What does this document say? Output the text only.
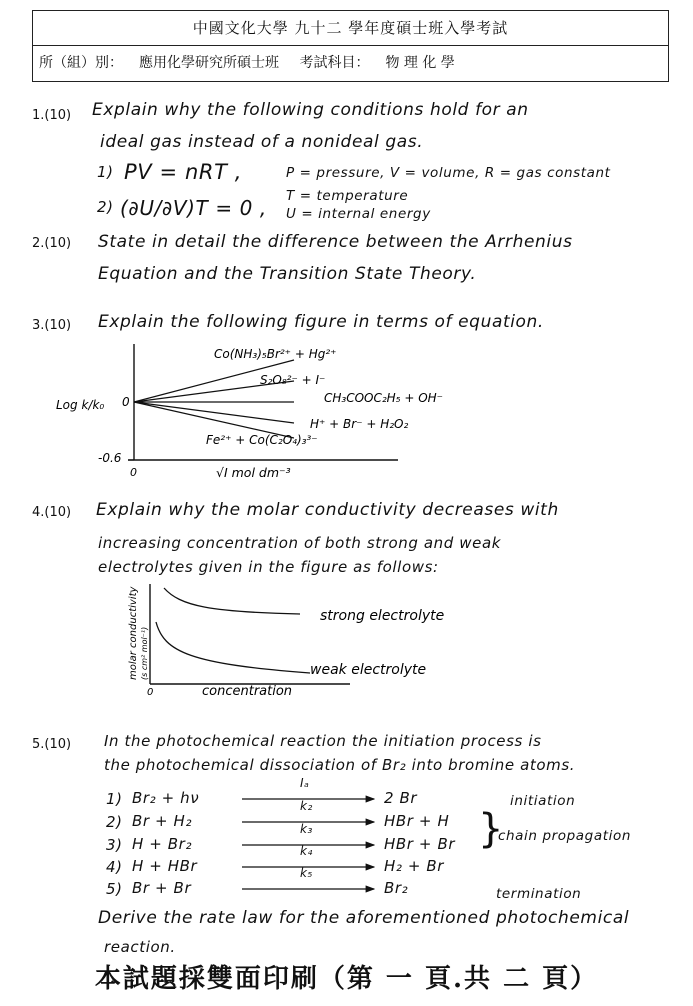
中國文化大學 九十二 學年度碩士班入學考試
所（組）別： 應用化學研究所碩士班 考試科目： 物 理 化 學
1.(10) Explain why the following conditions hold for an
ideal gas instead of a nonideal gas.
1) PV = nRT ,	P = pressure, V = volume, R = gas constant
2) (∂U/∂V)T = 0 , T = temperature
U = internal energy
2.(10) State in detail the difference between the Arrhenius
Equation and the Transition State Theory.
3.(10) Explain the following figure in terms of equation.
Co(NH₃)₅Br²⁺ + Hg²⁺
S₂O₈²⁻ + I⁻
CH₃COOC₂H₅ + OH⁻
H⁺ + Br⁻ + H₂O₂
Fe²⁺ + Co(C₂O₄)₃³⁻
Log k/k₀ 0
-0.6
0	√I mol dm⁻³
4.(10) Explain why the molar conductivity decreases with
increasing concentration of both strong and weak
electrolytes given in the figure as follows:
molar conductivity (s cm² mol⁻¹)
0	concentration
strong electrolyte
weak electrolyte
5.(10) In the photochemical reaction the initiation process is
the photochemical dissociation of Br₂ into bromine atoms.
1) Br₂ + hν
Iₐ
2 Br
2) Br + H₂
k₂
HBr + H
3) H + Br₂
k₃
HBr + Br
4) H + HBr
k₄
H₂ + Br
5) Br + Br
k₅
Br₂
initiation
}
chain propagation
termination
Derive the rate law for the aforementioned photochemical
reaction.
本試題採雙面印刷（第 一 頁.共 二 頁）
